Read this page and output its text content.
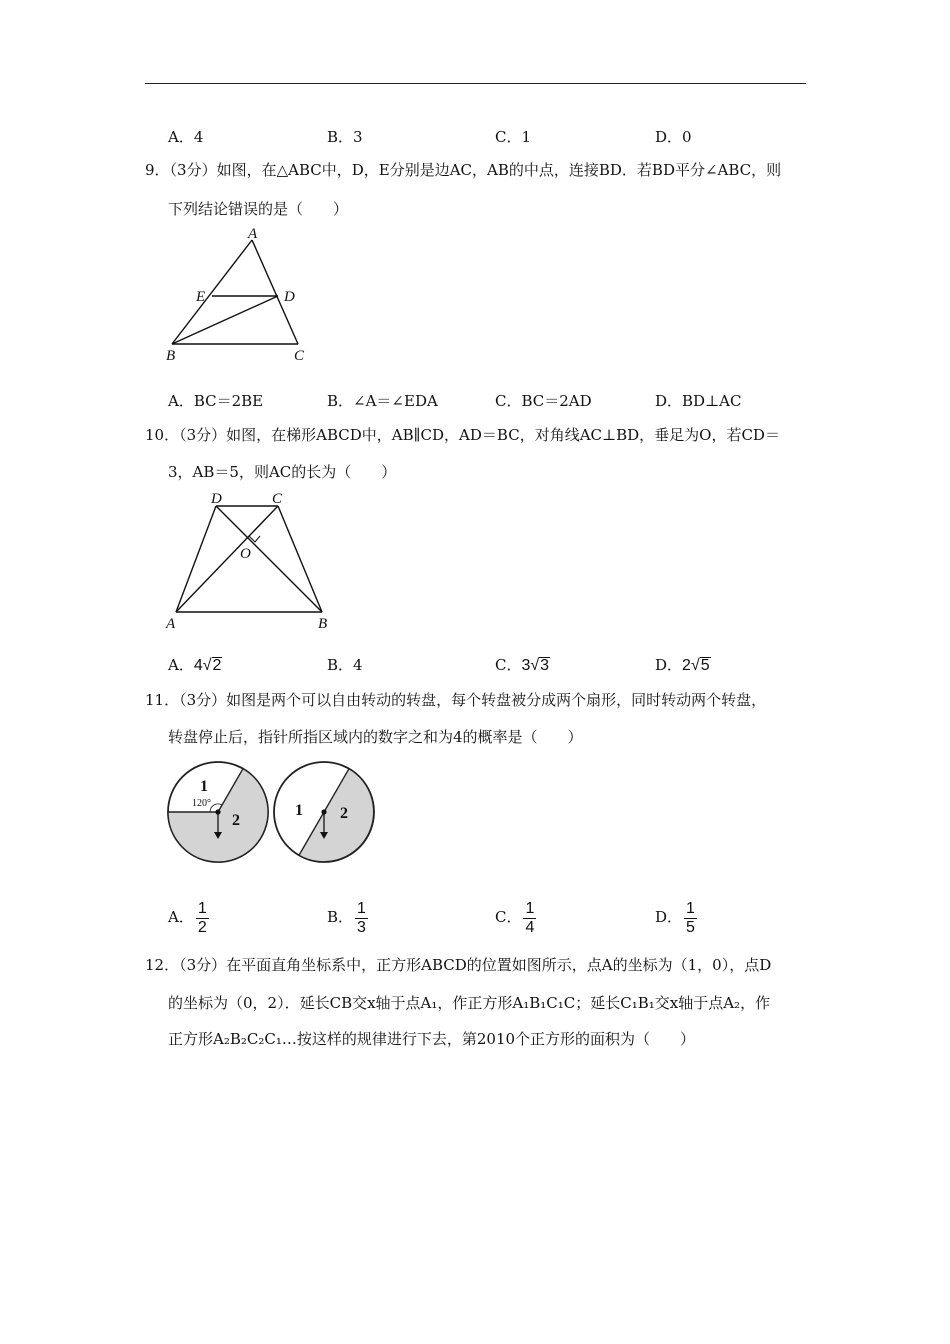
A．4	B．3	C．1	D．0
9．（3分）如图，在△ABC中，D，E分别是边AC，AB的中点，连接BD．若BD平分∠ABC，则
下列结论错误的是（　　）
A
E	D
B	C
A．BC＝2BE	B．∠A＝∠EDA	C．BC＝2AD	D．BD⊥AC
10．（3分）如图，在梯形ABCD中，AB∥CD，AD＝BC，对角线AC⊥BD，垂足为O，若CD＝
3，AB＝5，则AC的长为（　　）
D	C
O
A	B
A．4√2	B．4	C．3√3	D．2√5
11．（3分）如图是两个可以自由转动的转盘，每个转盘被分成两个扇形，同时转动两个转盘，
转盘停止后，指针所指区域内的数字之和为4的概率是（　　）
1
120°
2
1 2
A． $\frac{1}{2}$	B． $\frac{1}{3}$	C． $\frac{1}{4}$	D． $\frac{1}{5}$
12．（3分）在平面直角坐标系中，正方形ABCD的位置如图所示，点A的坐标为（1，0），点D
的坐标为（0，2）．延长CB交x轴于点A₁，作正方形A₁B₁C₁C；延长C₁B₁交x轴于点A₂，作
正方形A₂B₂C₂C₁…按这样的规律进行下去，第2010个正方形的面积为（　　）
